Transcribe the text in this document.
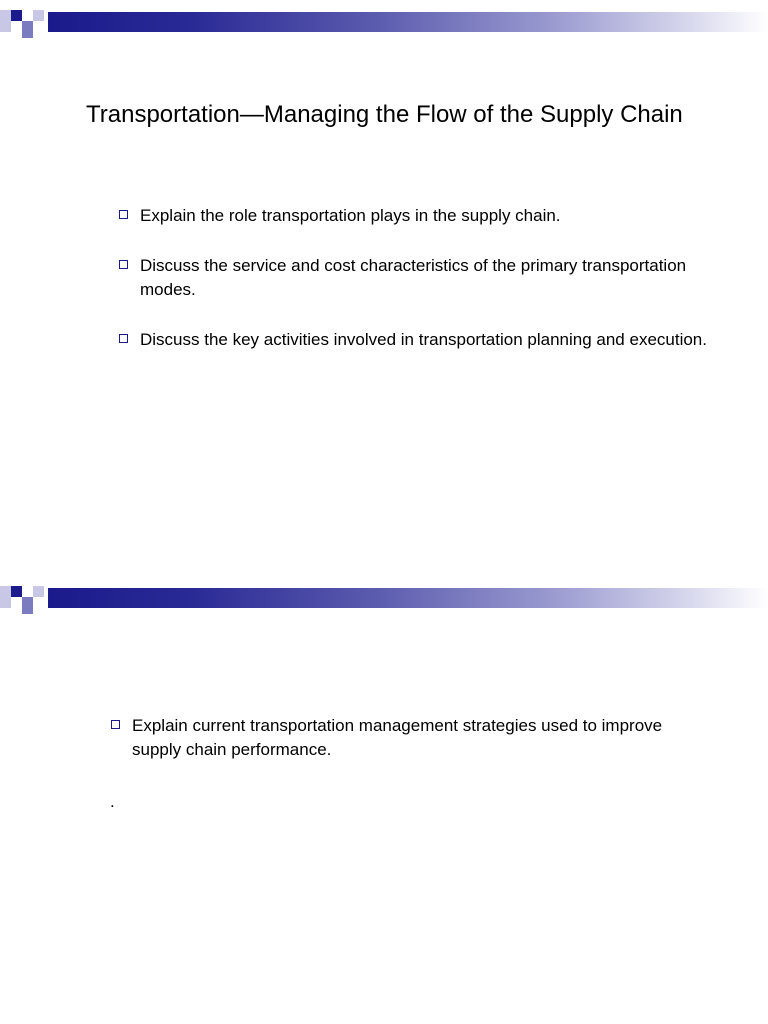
Transportation—Managing the Flow of the Supply Chain
Explain the role transportation plays in the supply chain.
Discuss the service and cost characteristics of the primary transportation modes.
Discuss the key activities involved in transportation planning and execution.
Explain current transportation management strategies used to improve supply chain performance.
.
